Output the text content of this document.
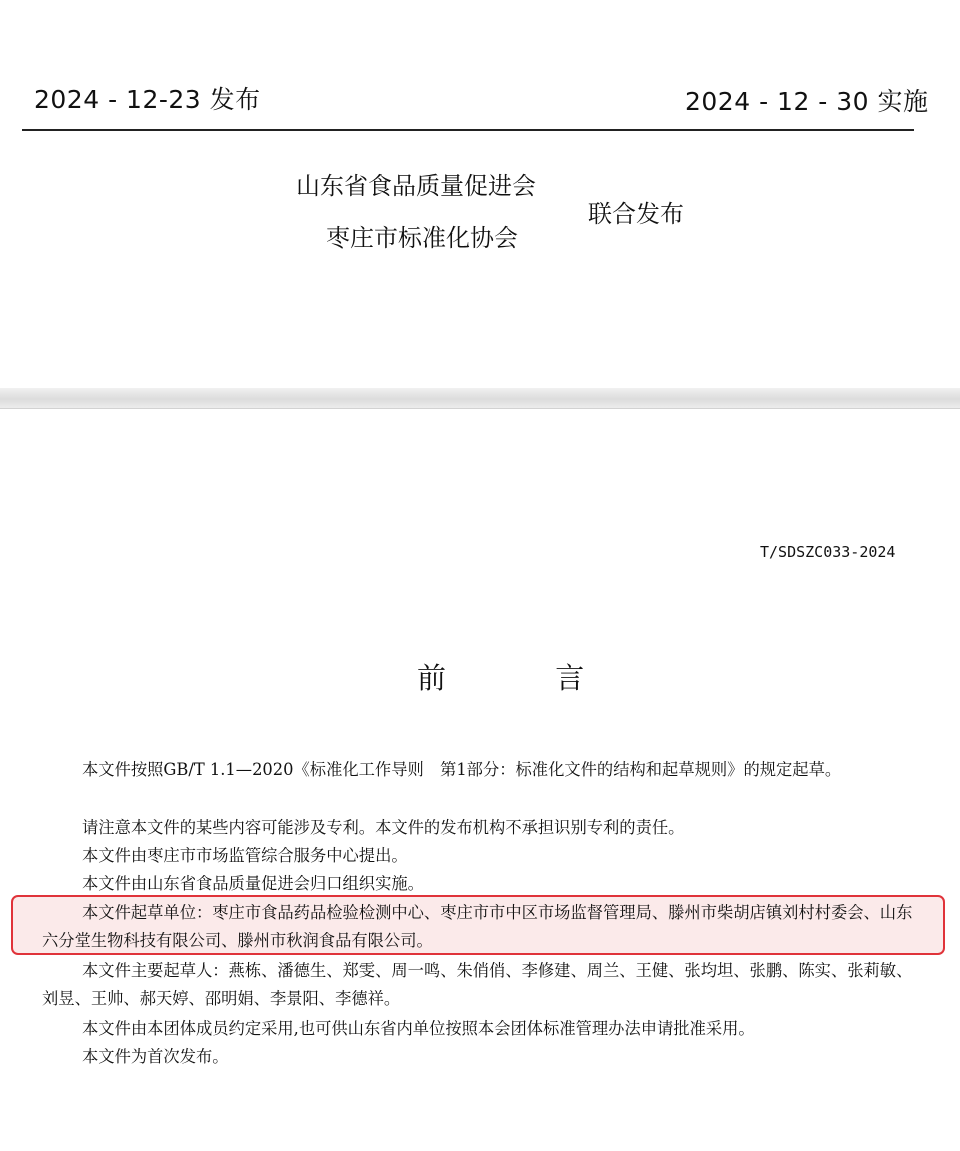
2024 - 12-23 发布	2024 - 12 - 30 实施
山东省食品质量促进会
枣庄市标准化协会
联合发布
T/SDSZC033-2024
前 言

本文件按照GB/T 1.1—2020《标准化工作导则　第1部分：标准化文件的结构和起草规则》的规定起草。

请注意本文件的某些内容可能涉及专利。本文件的发布机构不承担识别专利的责任。

本文件由枣庄市市场监管综合服务中心提出。

本文件由山东省食品质量促进会归口组织实施。

本文件起草单位：枣庄市食品药品检验检测中心、枣庄市市中区市场监督管理局、滕州市柴胡店镇刘村村委会、山东六分堂生物科技有限公司、滕州市秋润食品有限公司。

本文件主要起草人：燕栋、潘德生、郑雯、周一鸣、朱俏俏、李修建、周兰、王健、张均坦、张鹏、陈实、张莉敏、刘昱、王帅、郝天婷、邵明娟、李景阳、李德祥。

本文件由本团体成员约定采用,也可供山东省内单位按照本会团体标准管理办法申请批准采用。

本文件为首次发布。
